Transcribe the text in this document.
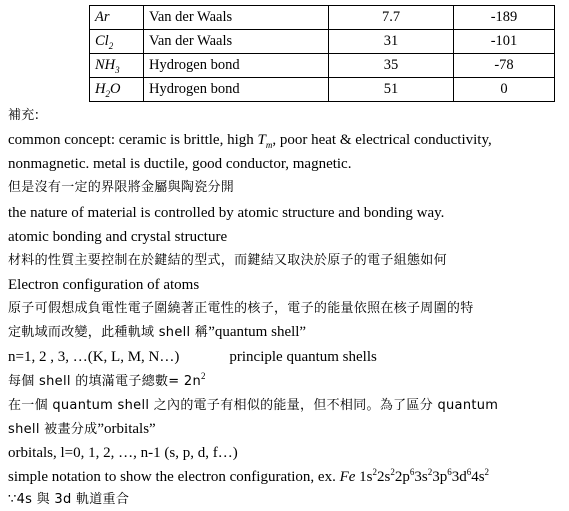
Ar	Van der Waals	7.7	-189
$Cl_2$	Van der Waals	31	-101
$NH_3$	Hydrogen bond	35	-78
$H_2O$	Hydrogen bond	51	0
補充:
common concept: ceramic is brittle, high $T_m$, poor heat & electrical conductivity,
nonmagnetic. metal is ductile, good conductor, magnetic.
但是沒有一定的界限將金屬與陶瓷分開
the nature of material is controlled by atomic structure and bonding way.
atomic bonding and crystal structure
材料的性質主要控制在於鍵結的型式，而鍵結又取決於原子的電子組態如何
Electron configuration of atoms
原子可假想成負電性電子圍繞著正電性的核子，電子的能量依照在核子周圍的特
定軌域而改變，此種軌域 shell 稱”quantum shell”
n=1, 2 , 3, …(K, L, M, N…)	principle quantum shells
每個 shell 的填滿電子總數= $2n^2$
在一個 quantum shell 之內的電子有相似的能量，但不相同。為了區分 quantum
shell 被畫分成”orbitals”
orbitals, l=0, 1, 2, …, n-1 (s, p, d, f…)
simple notation to show the electron configuration, ex. Fe $1s^22s^22p^63s^23p^63d^64s^2$
∵4s 與 3d 軌道重合
